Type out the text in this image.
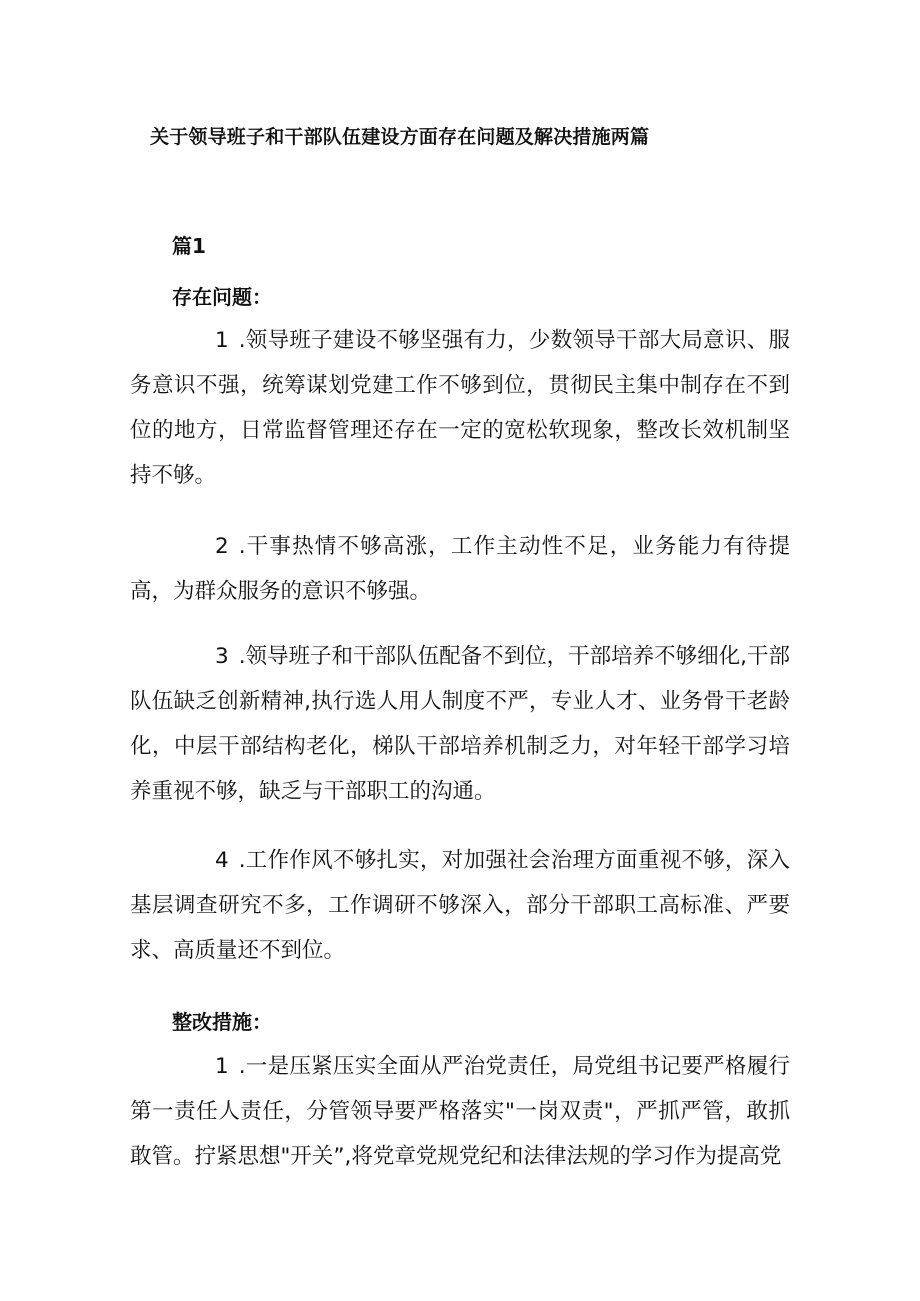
关于领导班子和干部队伍建设方面存在问题及解决措施两篇
篇1
存在问题：
1 .领导班子建设不够坚强有力，少数领导干部大局意识、服务意识不强，统筹谋划党建工作不够到位，贯彻民主集中制存在不到位的地方，日常监督管理还存在一定的宽松软现象，整改长效机制坚持不够。
2 .干事热情不够高涨，工作主动性不足，业务能力有待提高，为群众服务的意识不够强。
3 .领导班子和干部队伍配备不到位，干部培养不够细化,干部队伍缺乏创新精神,执行选人用人制度不严，专业人才、业务骨干老龄化，中层干部结构老化，梯队干部培养机制乏力，对年轻干部学习培养重视不够，缺乏与干部职工的沟通。
4 .工作作风不够扎实，对加强社会治理方面重视不够，深入基层调查研究不多，工作调研不够深入，部分干部职工高标准、严要求、高质量还不到位。
整改措施：
1 .一是压紧压实全面从严治党责任，局党组书记要严格履行第一责任人责任，分管领导要严格落实"一岗双责"，严抓严管，敢抓敢管。拧紧思想"开关”,将党章党规党纪和法律法规的学习作为提高党
